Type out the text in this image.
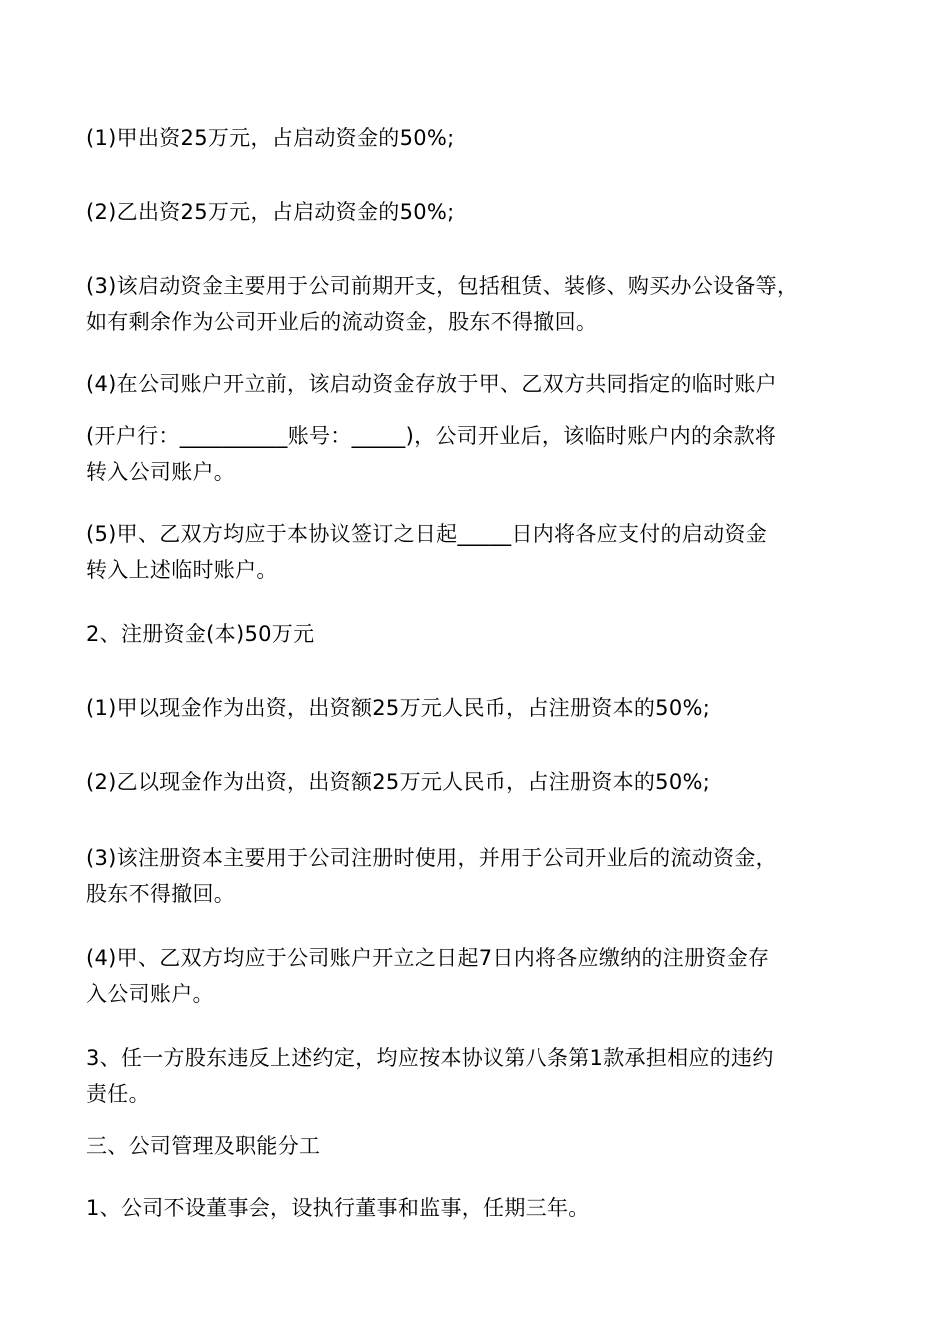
(1)甲出资25万元，占启动资金的50%;
(2)乙出资25万元，占启动资金的50%;
(3)该启动资金主要用于公司前期开支，包括租赁、装修、购买办公设备等，
如有剩余作为公司开业后的流动资金，股东不得撤回。
(4)在公司账户开立前，该启动资金存放于甲、乙双方共同指定的临时账户
(开户行：__________账号：_____)，公司开业后，该临时账户内的余款将
转入公司账户。
(5)甲、乙双方均应于本协议签订之日起_____日内将各应支付的启动资金
转入上述临时账户。
2、注册资金(本)50万元
(1)甲以现金作为出资，出资额25万元人民币，占注册资本的50%;
(2)乙以现金作为出资，出资额25万元人民币，占注册资本的50%;
(3)该注册资本主要用于公司注册时使用，并用于公司开业后的流动资金，
股东不得撤回。
(4)甲、乙双方均应于公司账户开立之日起7日内将各应缴纳的注册资金存
入公司账户。
3、任一方股东违反上述约定，均应按本协议第八条第1款承担相应的违约
责任。
三、公司管理及职能分工
1、公司不设董事会，设执行董事和监事，任期三年。
